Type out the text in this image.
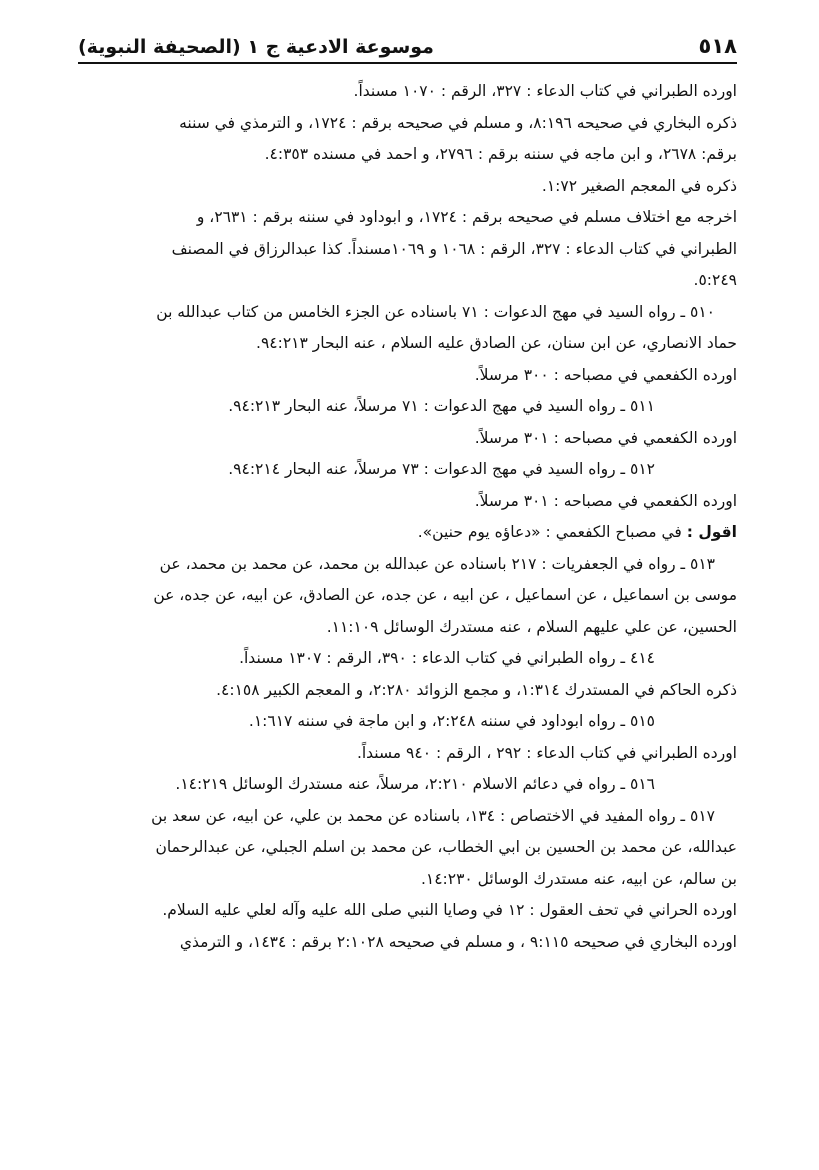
٥١٨
موسوعة الادعية ج ١ (الصحيفة النبوية)
اورده الطبراني في كتاب الدعاء : ٣٢٧، الرقم : ١٠٧٠ مسنداً.
ذكره البخاري في صحيحه ٨:١٩٦، و مسلم في صحيحه برقم : ١٧٢٤، و الترمذي في سننه
برقم: ٢٦٧٨، و ابن ماجه في سننه برقم : ٢٧٩٦، و احمد في مسنده ٤:٣٥٣.
ذكره في المعجم الصغير ١:٧٢.
اخرجه مع اختلاف مسلم في صحيحه برقم : ١٧٢٤، و ابوداود في سننه برقم : ٢٦٣١، و
الطبراني في كتاب الدعاء : ٣٢٧، الرقم : ١٠٦٨ و ١٠٦٩مسنداً. كذا عبدالرزاق في المصنف
٥:٢٤٩.
٥١٠ ـ رواه السيد في مهج الدعوات : ٧١ باسناده عن الجزء الخامس من كتاب عبدالله بن
حماد الانصاري، عن ابن سنان، عن الصادق عليه السلام ، عنه البحار ٩٤:٢١٣.
اورده الكفعمي في مصباحه : ٣٠٠ مرسلاً.
٥١١ ـ رواه السيد في مهج الدعوات : ٧١ مرسلاً، عنه البحار ٩٤:٢١٣.
اورده الكفعمي في مصباحه : ٣٠١ مرسلاً.
٥١٢ ـ رواه السيد في مهج الدعوات : ٧٣ مرسلاً، عنه البحار ٩٤:٢١٤.
اورده الكفعمي في مصباحه : ٣٠١ مرسلاً.
اقول : في مصباح الكفعمي : «دعاؤه يوم حنين».
٥١٣ ـ رواه في الجعفريات : ٢١٧ باسناده عن عبدالله بن محمد، عن محمد بن محمد، عن
موسى بن اسماعيل ، عن اسماعيل ، عن ابيه ، عن جده، عن الصادق، عن ابيه، عن جده، عن
الحسين، عن علي عليهم السلام ، عنه مستدرك الوسائل ١١:١٠٩.
٤١٤ ـ رواه الطبراني في كتاب الدعاء : ٣٩٠، الرقم : ١٣٠٧ مسنداً.
ذكره الحاكم في المستدرك ١:٣١٤، و مجمع الزوائد ٢:٢٨٠، و المعجم الكبير ٤:١٥٨.
٥١٥ ـ رواه ابوداود في سننه ٢:٢٤٨، و ابن ماجة في سننه ١:٦١٧.
اورده الطبراني في كتاب الدعاء : ٢٩٢ ، الرقم : ٩٤٠ مسنداً.
٥١٦ ـ رواه في دعائم الاسلام ٢:٢١٠، مرسلاً، عنه مستدرك الوسائل ١٤:٢١٩.
٥١٧ ـ رواه المفيد في الاختصاص : ١٣٤، باسناده عن محمد بن علي، عن ابيه، عن سعد بن
عبدالله، عن محمد بن الحسين بن ابي الخطاب، عن محمد بن اسلم الجبلي، عن عبدالرحمان
بن سالم، عن ابيه، عنه مستدرك الوسائل ١٤:٢٣٠.
اورده الحراني في تحف العقول : ١٢ في وصايا النبي صلى الله عليه وآله لعلي عليه السلام.
اورده البخاري في صحيحه ٩:١١٥ ، و مسلم في صحيحه ٢:١٠٢٨ برقم : ١٤٣٤، و الترمذي
